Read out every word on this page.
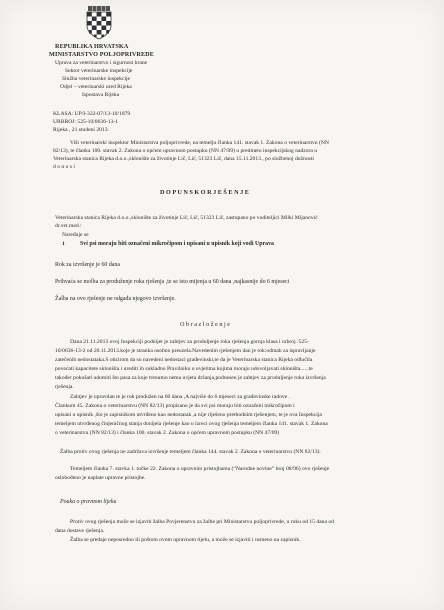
REPUBLIKA HRVATSKA
MINISTARSTVO POLJOPRIVREDE
Uprava za veterinarstvo i sigurnost hrane
Sektor veterinarske inspekcije
Služba veterinarske inspekcije
Odjel – veterinarski ured Rijeka
Ispostava Rijeka
KLASA: UP/I-322-07/13-10/1879
URBROJ: 525-10/0636-13-1
Rijeka , 21.studeni 2013.
Viši veterinarski inspektor Ministarstva poljoprivrede, na temelju članka 141. stavak 1. Zakona o veterinarstvu (NN
82/13), te članka 100. stavak 2. Zakona o općem upravnom postupku (NN 47/09) u predmetu inspekcijskog nadzora u
Veterinarska stanica Rijeka d.o.o.,sklonište za životinje Lič, Lič, 51323 Lič, dana 15.11.2013., po službenoj dužnosti
d o n o s i
D O P U N S K O R J E Š E N J E
Veterinarska stanica Rijeka d.o.o.,sklonište za životinje Lič, Lič, 51323 Lič, zastupano po voditeljici Milki Mijanović
dr.vet.med.:
Naređuje se
1	Svi psi moraju biti označeni mikročipom i upisani u upisnik koji vodi Uprava
Rok za izvršenje je 60 dana
Prihvaća se molba za produženje roka rješenja ,te se isto mijenja u 60 dana ,najkasnije do 6 mjeseci
Žalba na ovo rješenje ne odgađa njegovo izvršenje.
O b r a z l o ž e n j e
Dana 21.11.2013 ovoj Inspekciji podnijet je zahtjev za produljenje roka rješenja gornja klasa i urbroj :525-
10/0636-13-2 od 20.11.2013.koje je stranka osobno preuzela.Navedenim rješenjem dan je rok:odmah za ispravljanje
zatečenih nedostataka.S obzirom da su navedeni nedostaci građevinski,te da je Veterinarska stanica Rijeka odlučila
povećati kapacitete skloništa i urediti ih sukladno Pravilniku o uvjetima kojima moraju udovoljavati skloništa......te
također pokušati udomiti što pasa za koje trenutno nema uvjeta držanja,podnesen je zahtjev za produljenje roka izvršenja
rješenja.
Zahtjev je opravdan te je rok produžen na 60 dana ,A najviše do 6 mjeseci za građevinske radove .
Člankom 45. Zakona o veterinarstvu (NN 82/13) propisano je da svi psi moraju biti označeni mikročipom i
upisani u upisnik ,što je zapisnikom utvrđeno kao nedostatak ,a nije riješeno prethodnim rješenjem, te je ova Inspekcija
temeljem utvrđenog činjeničnog stanja donijela rješenje kao u izreci ovog rješenja temeljem članka 141. stavak 1. Zakona
o veterinarstvu (NN 82/13) i članka 100. stavak 2. Zakona o općem upravnom postupku (NN 47/09)
Žalba protiv ovog rješenja ne zadržava izvršenje temeljem članka 144. stavak 2. Zakona o veterinarstvu (NN 82/13).
Temeljem članka 7. stavka 1. točke 22. Zakona o upravnim pristojbama (“Narodne novine” broj 08/96) ovo rješenje
oslobođeno je naplate upravne pristojbe.
Pouka o pravnom lijeku
Protiv ovog rješenja može se izjaviti žalba Povjerenstvu za žalbe pri Ministarstvu poljoprivrede, u roku od 15 dana od
dana dostave rješenja.
Žalba se predaje neposredno ili poštom ovom upravnom tijelu, a može se izjaviti i usmeno na zapisnik.
